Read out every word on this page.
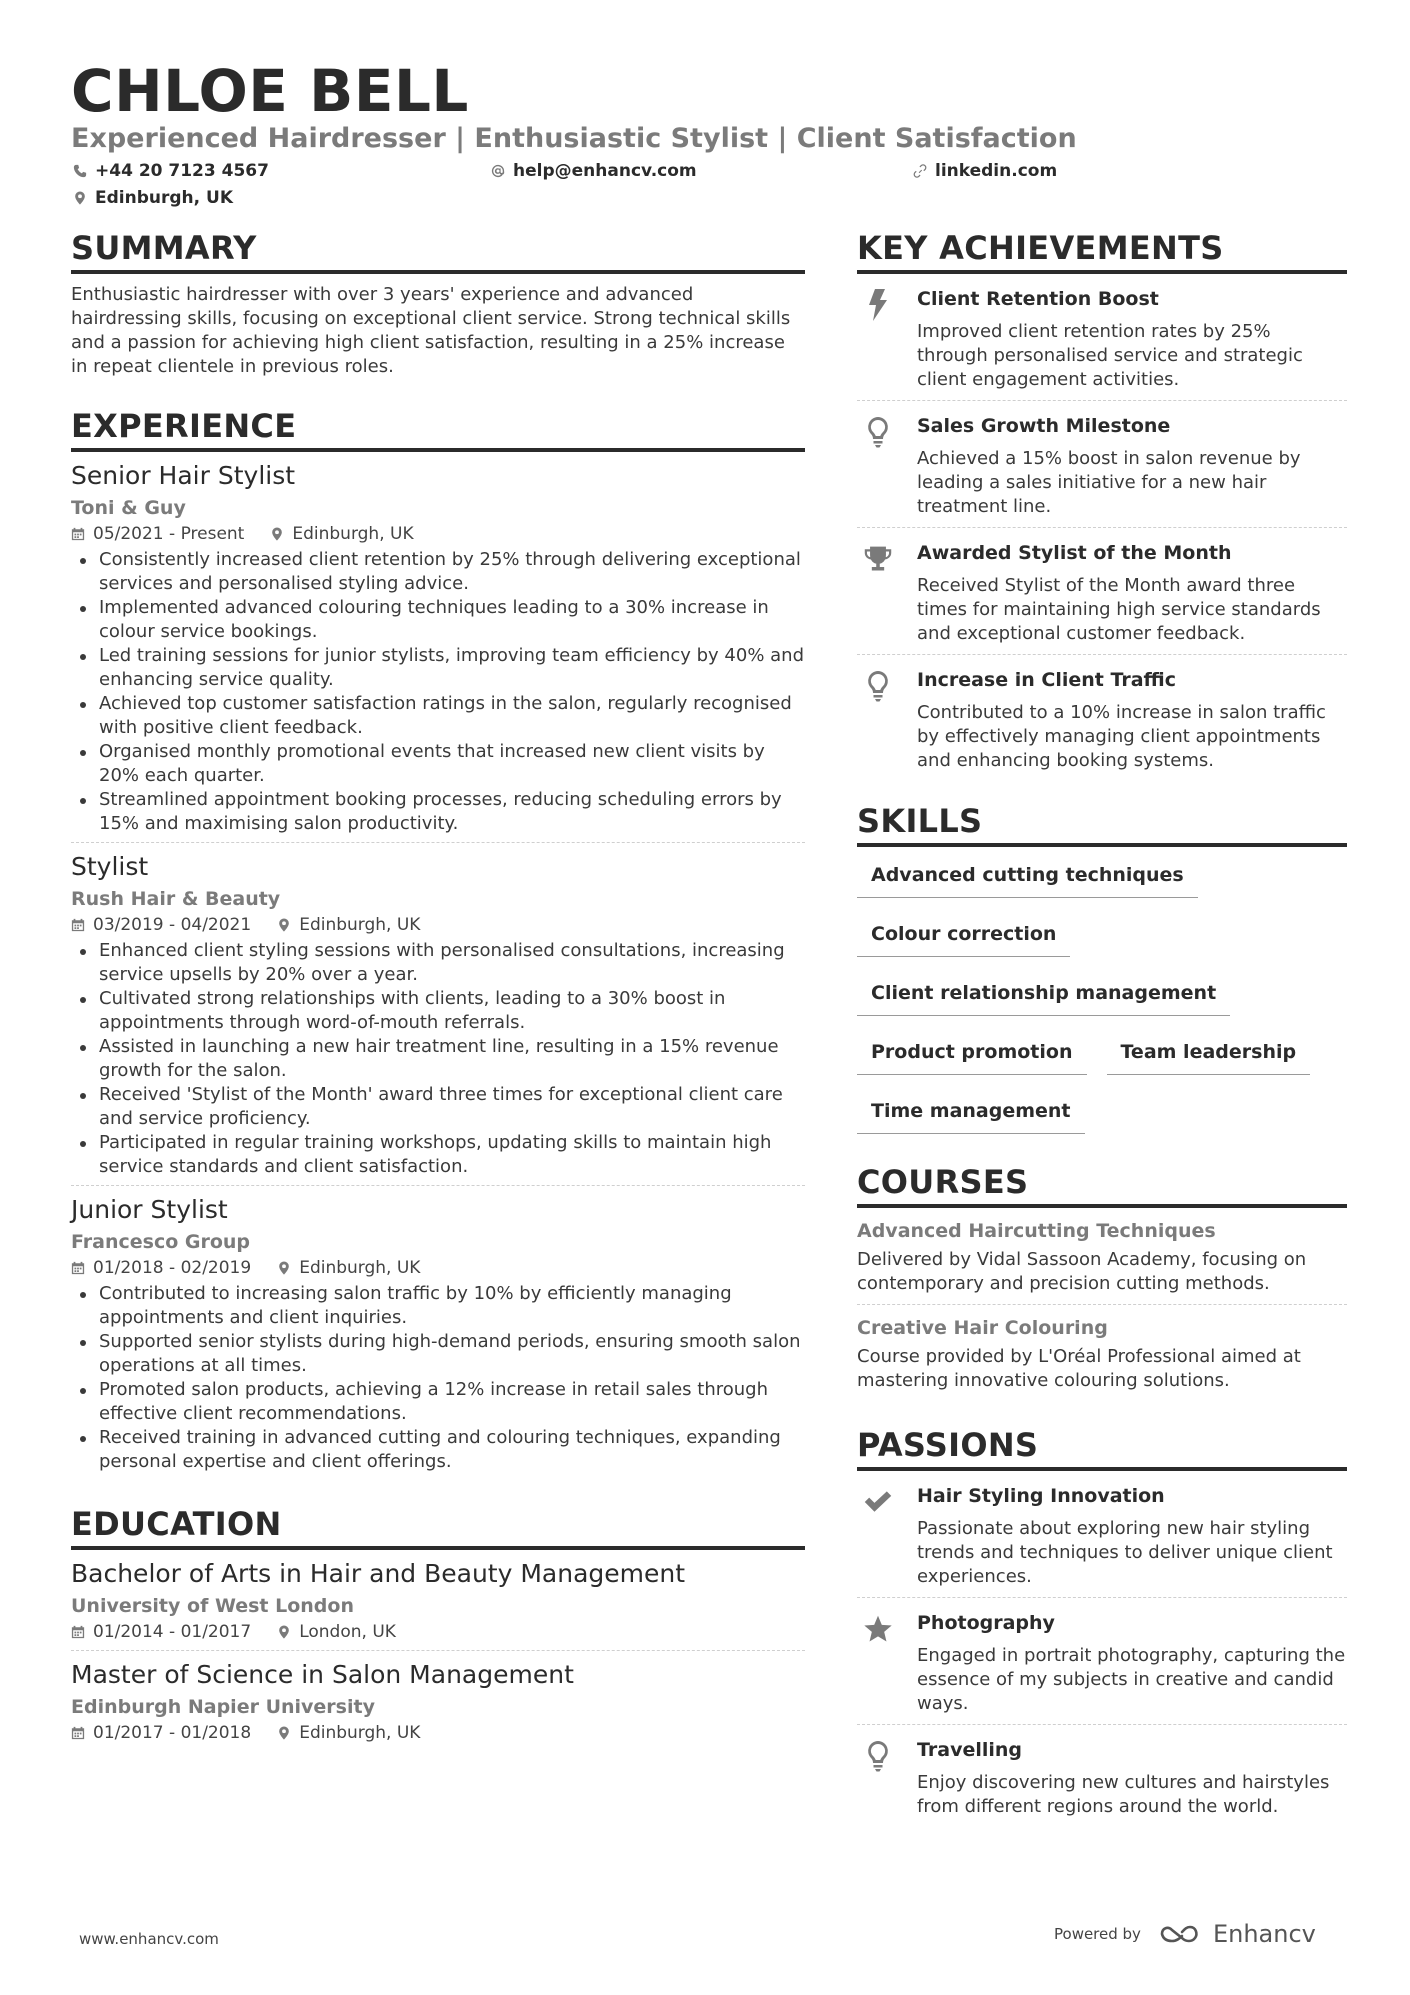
CHLOE BELL
Experienced Hairdresser | Enthusiastic Stylist | Client Satisfaction
+44 20 7123 4567	help@enhancv.com	linkedin.com
Edinburgh, UK
SUMMARY

Enthusiastic hairdresser with over 3 years' experience and advanced hairdressing skills, focusing on exceptional client service. Strong technical skills and a passion for achieving high client satisfaction, resulting in a 25% increase in repeat clientele in previous roles.

EXPERIENCE
Senior Hair Stylist
Toni & Guy
05/2021 - Present	Edinburgh, UK
Consistently increased client retention by 25% through delivering exceptional services and personalised styling advice.
Implemented advanced colouring techniques leading to a 30% increase in colour service bookings.
Led training sessions for junior stylists, improving team efficiency by 40% and enhancing service quality.
Achieved top customer satisfaction ratings in the salon, regularly recognised with positive client feedback.
Organised monthly promotional events that increased new client visits by 20% each quarter.
Streamlined appointment booking processes, reducing scheduling errors by 15% and maximising salon productivity.
Stylist
Rush Hair & Beauty
03/2019 - 04/2021	Edinburgh, UK
Enhanced client styling sessions with personalised consultations, increasing service upsells by 20% over a year.
Cultivated strong relationships with clients, leading to a 30% boost in appointments through word-of-mouth referrals.
Assisted in launching a new hair treatment line, resulting in a 15% revenue growth for the salon.
Received 'Stylist of the Month' award three times for exceptional client care and service proficiency.
Participated in regular training workshops, updating skills to maintain high service standards and client satisfaction.
Junior Stylist
Francesco Group
01/2018 - 02/2019	Edinburgh, UK
Contributed to increasing salon traffic by 10% by efficiently managing appointments and client inquiries.
Supported senior stylists during high-demand periods, ensuring smooth salon operations at all times.
Promoted salon products, achieving a 12% increase in retail sales through effective client recommendations.
Received training in advanced cutting and colouring techniques, expanding personal expertise and client offerings.
EDUCATION
Bachelor of Arts in Hair and Beauty Management
University of West London
01/2014 - 01/2017	London, UK
Master of Science in Salon Management
Edinburgh Napier University
01/2017 - 01/2018	Edinburgh, UK
KEY ACHIEVEMENTS
Client Retention Boost
Improved client retention rates by 25% through personalised service and strategic client engagement activities.
Sales Growth Milestone
Achieved a 15% boost in salon revenue by leading a sales initiative for a new hair treatment line.
Awarded Stylist of the Month
Received Stylist of the Month award three times for maintaining high service standards and exceptional customer feedback.
Increase in Client Traffic
Contributed to a 10% increase in salon traffic by effectively managing client appointments and enhancing booking systems.
SKILLS
Advanced cutting techniques
Colour correction
Client relationship management
Product promotion	Team leadership
Time management
COURSES
Advanced Haircutting Techniques
Delivered by Vidal Sassoon Academy, focusing on contemporary and precision cutting methods.
Creative Hair Colouring
Course provided by L'Oréal Professional aimed at mastering innovative colouring solutions.
PASSIONS
Hair Styling Innovation
Passionate about exploring new hair styling trends and techniques to deliver unique client experiences.
Photography
Engaged in portrait photography, capturing the essence of my subjects in creative and candid ways.
Travelling
Enjoy discovering new cultures and hairstyles from different regions around the world.
www.enhancv.com	Powered by	Enhancv
